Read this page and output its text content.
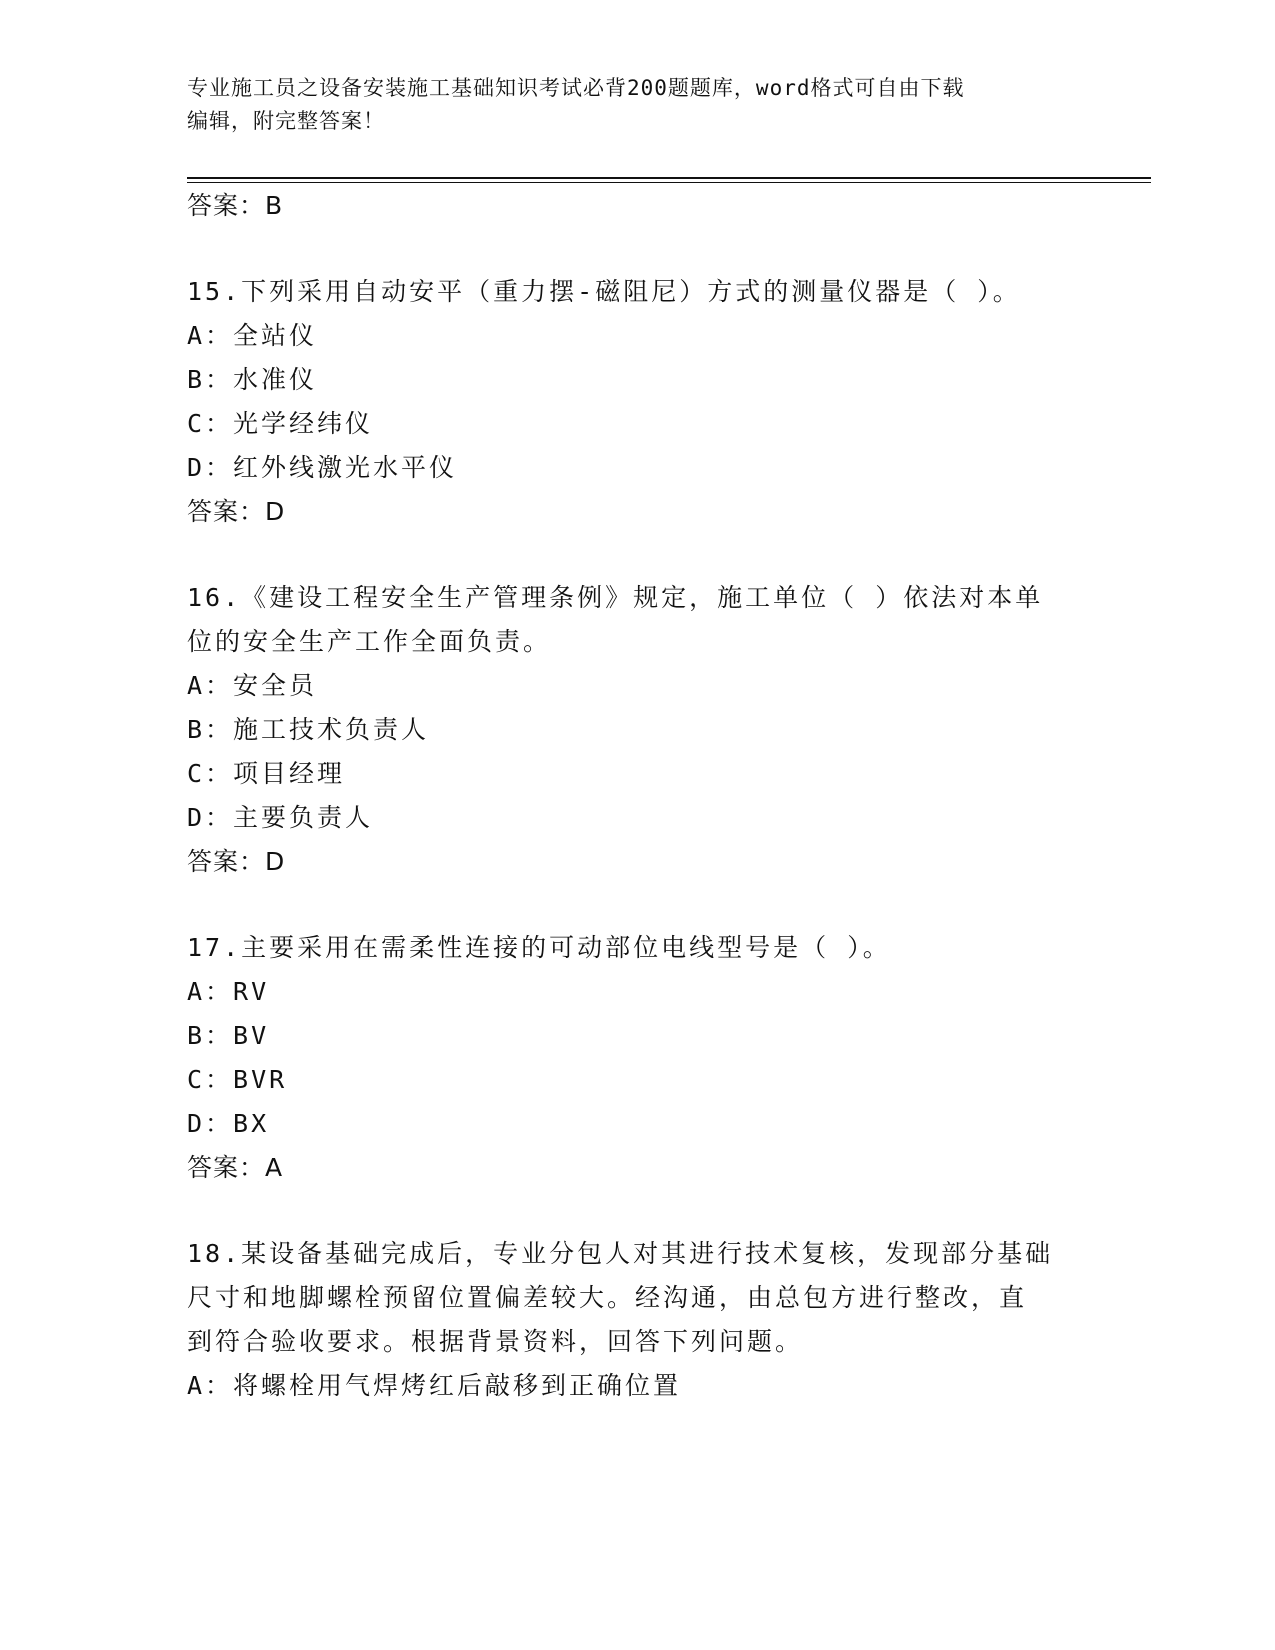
专业施工员之设备安装施工基础知识考试必背200题题库，word格式可自由下载
编辑，附完整答案！
答案：B
15.下列采用自动安平（重力摆-磁阻尼）方式的测量仪器是（ ）。
A：全站仪
B：水准仪
C：光学经纬仪
D：红外线激光水平仪
答案：D
16.《建设工程安全生产管理条例》规定，施工单位（ ）依法对本单
位的安全生产工作全面负责。
A：安全员
B：施工技术负责人
C：项目经理
D：主要负责人
答案：D
17.主要采用在需柔性连接的可动部位电线型号是（ ）。
A：RV
B：BV
C：BVR
D：BX
答案：A
18.某设备基础完成后，专业分包人对其进行技术复核，发现部分基础
尺寸和地脚螺栓预留位置偏差较大。经沟通，由总包方进行整改，直
到符合验收要求。根据背景资料，回答下列问题。
A：将螺栓用气焊烤红后敲移到正确位置
